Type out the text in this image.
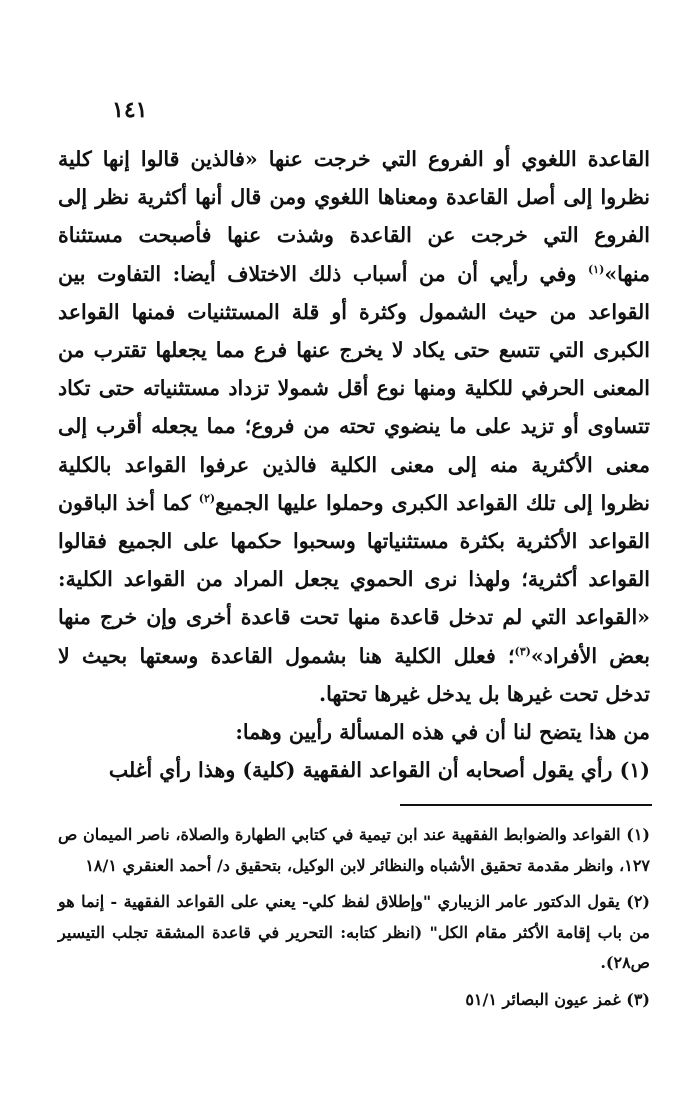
١٤١

القاعدة اللغوي أو الفروع التي خرجت عنها «فالذين قالوا إنها كلية نظروا إلى أصل القاعدة ومعناها اللغوي ومن قال أنها أكثرية نظر إلى الفروع التي خرجت عن القاعدة وشذت عنها فأصبحت مستثناة منها»$^{(١)}$ وفي رأيي أن من أسباب ذلك الاختلاف أيضا: التفاوت بين القواعد من حيث الشمول وكثرة أو قلة المستثنيات فمنها القواعد الكبرى التي تتسع حتى يكاد لا يخرج عنها فرع مما يجعلها تقترب من المعنى الحرفي للكلية ومنها نوع أقل شمولا تزداد مستثنياته حتى تكاد تتساوى أو تزيد على ما ينضوي تحته من فروع؛ مما يجعله أقرب إلى معنى الأكثرية منه إلى معنى الكلية فالذين عرفوا القواعد بالكلية نظروا إلى تلك القواعد الكبرى وحملوا عليها الجميع$^{(٢)}$ كما أخذ الباقون القواعد الأكثرية بكثرة مستثنياتها وسحبوا حكمها على الجميع فقالوا القواعد أكثرية؛ ولهذا نرى الحموي يجعل المراد من القواعد الكلية: «القواعد التي لم تدخل قاعدة منها تحت قاعدة أخرى وإن خرج منها بعض الأفراد»$^{(٣)}$؛ فعلل الكلية هنا بشمول القاعدة وسعتها بحيث لا تدخل تحت غيرها بل يدخل غيرها تحتها.

من هذا يتضح لنا أن في هذه المسألة رأيين وهما:

(١) رأي يقول أصحابه أن القواعد الفقهية (كلية) وهذا رأي أغلب

(١) القواعد والضوابط الفقهية عند ابن تيمية في كتابي الطهارة والصلاة، ناصر الميمان ص ١٢٧، وانظر مقدمة تحقيق الأشباه والنظائر لابن الوكيل، بتحقيق د/ أحمد العنقري ١٨/١

(٢) يقول الدكتور عامر الزيباري "وإطلاق لفظ كلي- يعني على القواعد الفقهية - إنما هو من باب إقامة الأكثر مقام الكل" (انظر كتابه: التحرير في قاعدة المشقة تجلب التيسير ص٢٨).

(٣) غمز عيون البصائر ٥١/١
